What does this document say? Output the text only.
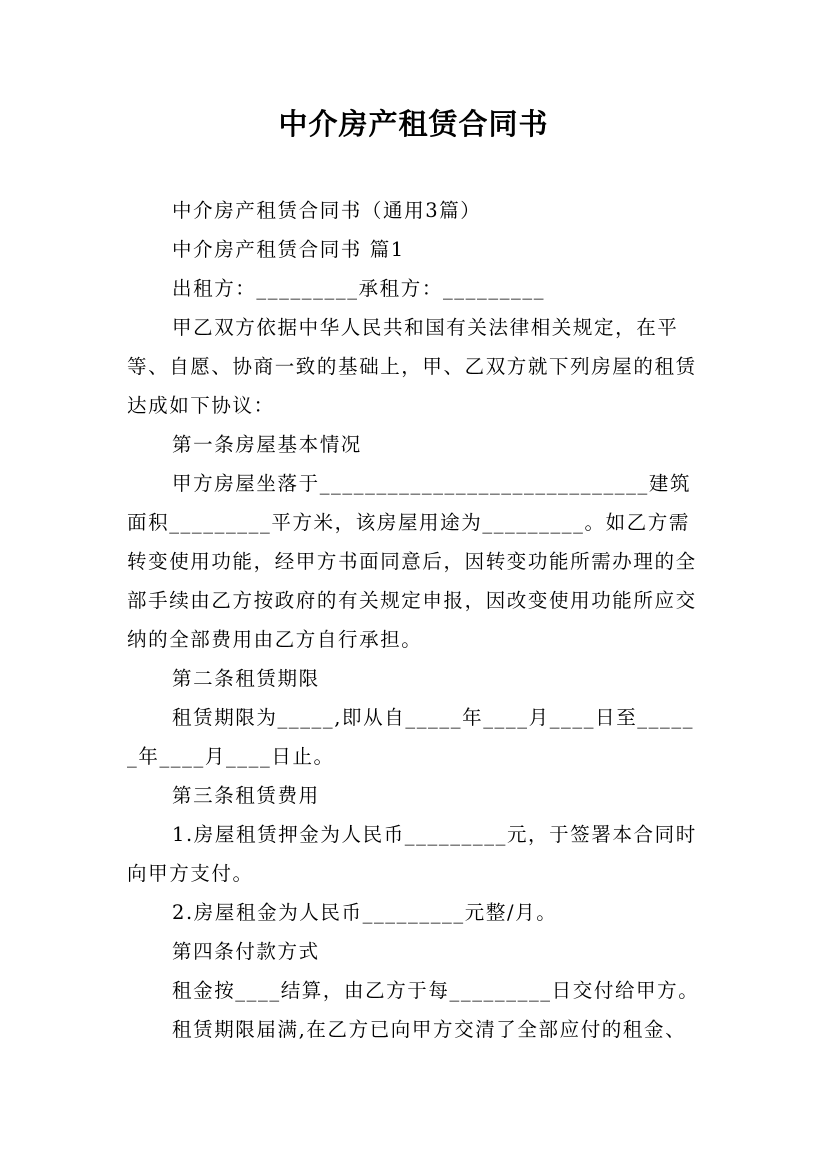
中介房产租赁合同书

中介房产租赁合同书（通用3篇）

中介房产租赁合同书 篇1

出租方：_________承租方：_________

甲乙双方依据中华人民共和国有关法律相关规定，在平等、自愿、协商一致的基础上，甲、乙双方就下列房屋的租赁达成如下协议：

第一条房屋基本情况

甲方房屋坐落于_____________________________建筑面积_________平方米，该房屋用途为_________。如乙方需转变使用功能，经甲方书面同意后，因转变功能所需办理的全部手续由乙方按政府的有关规定申报，因改变使用功能所应交纳的全部费用由乙方自行承担。

第二条租赁期限

租赁期限为_____,即从自_____年____月____日至______年____月____日止。

第三条租赁费用

1.房屋租赁押金为人民币_________元，于签署本合同时向甲方支付。

2.房屋租金为人民币_________元整/月。

第四条付款方式

租金按____结算，由乙方于每_________日交付给甲方。

租赁期限届满,在乙方已向甲方交清了全部应付的租金、
